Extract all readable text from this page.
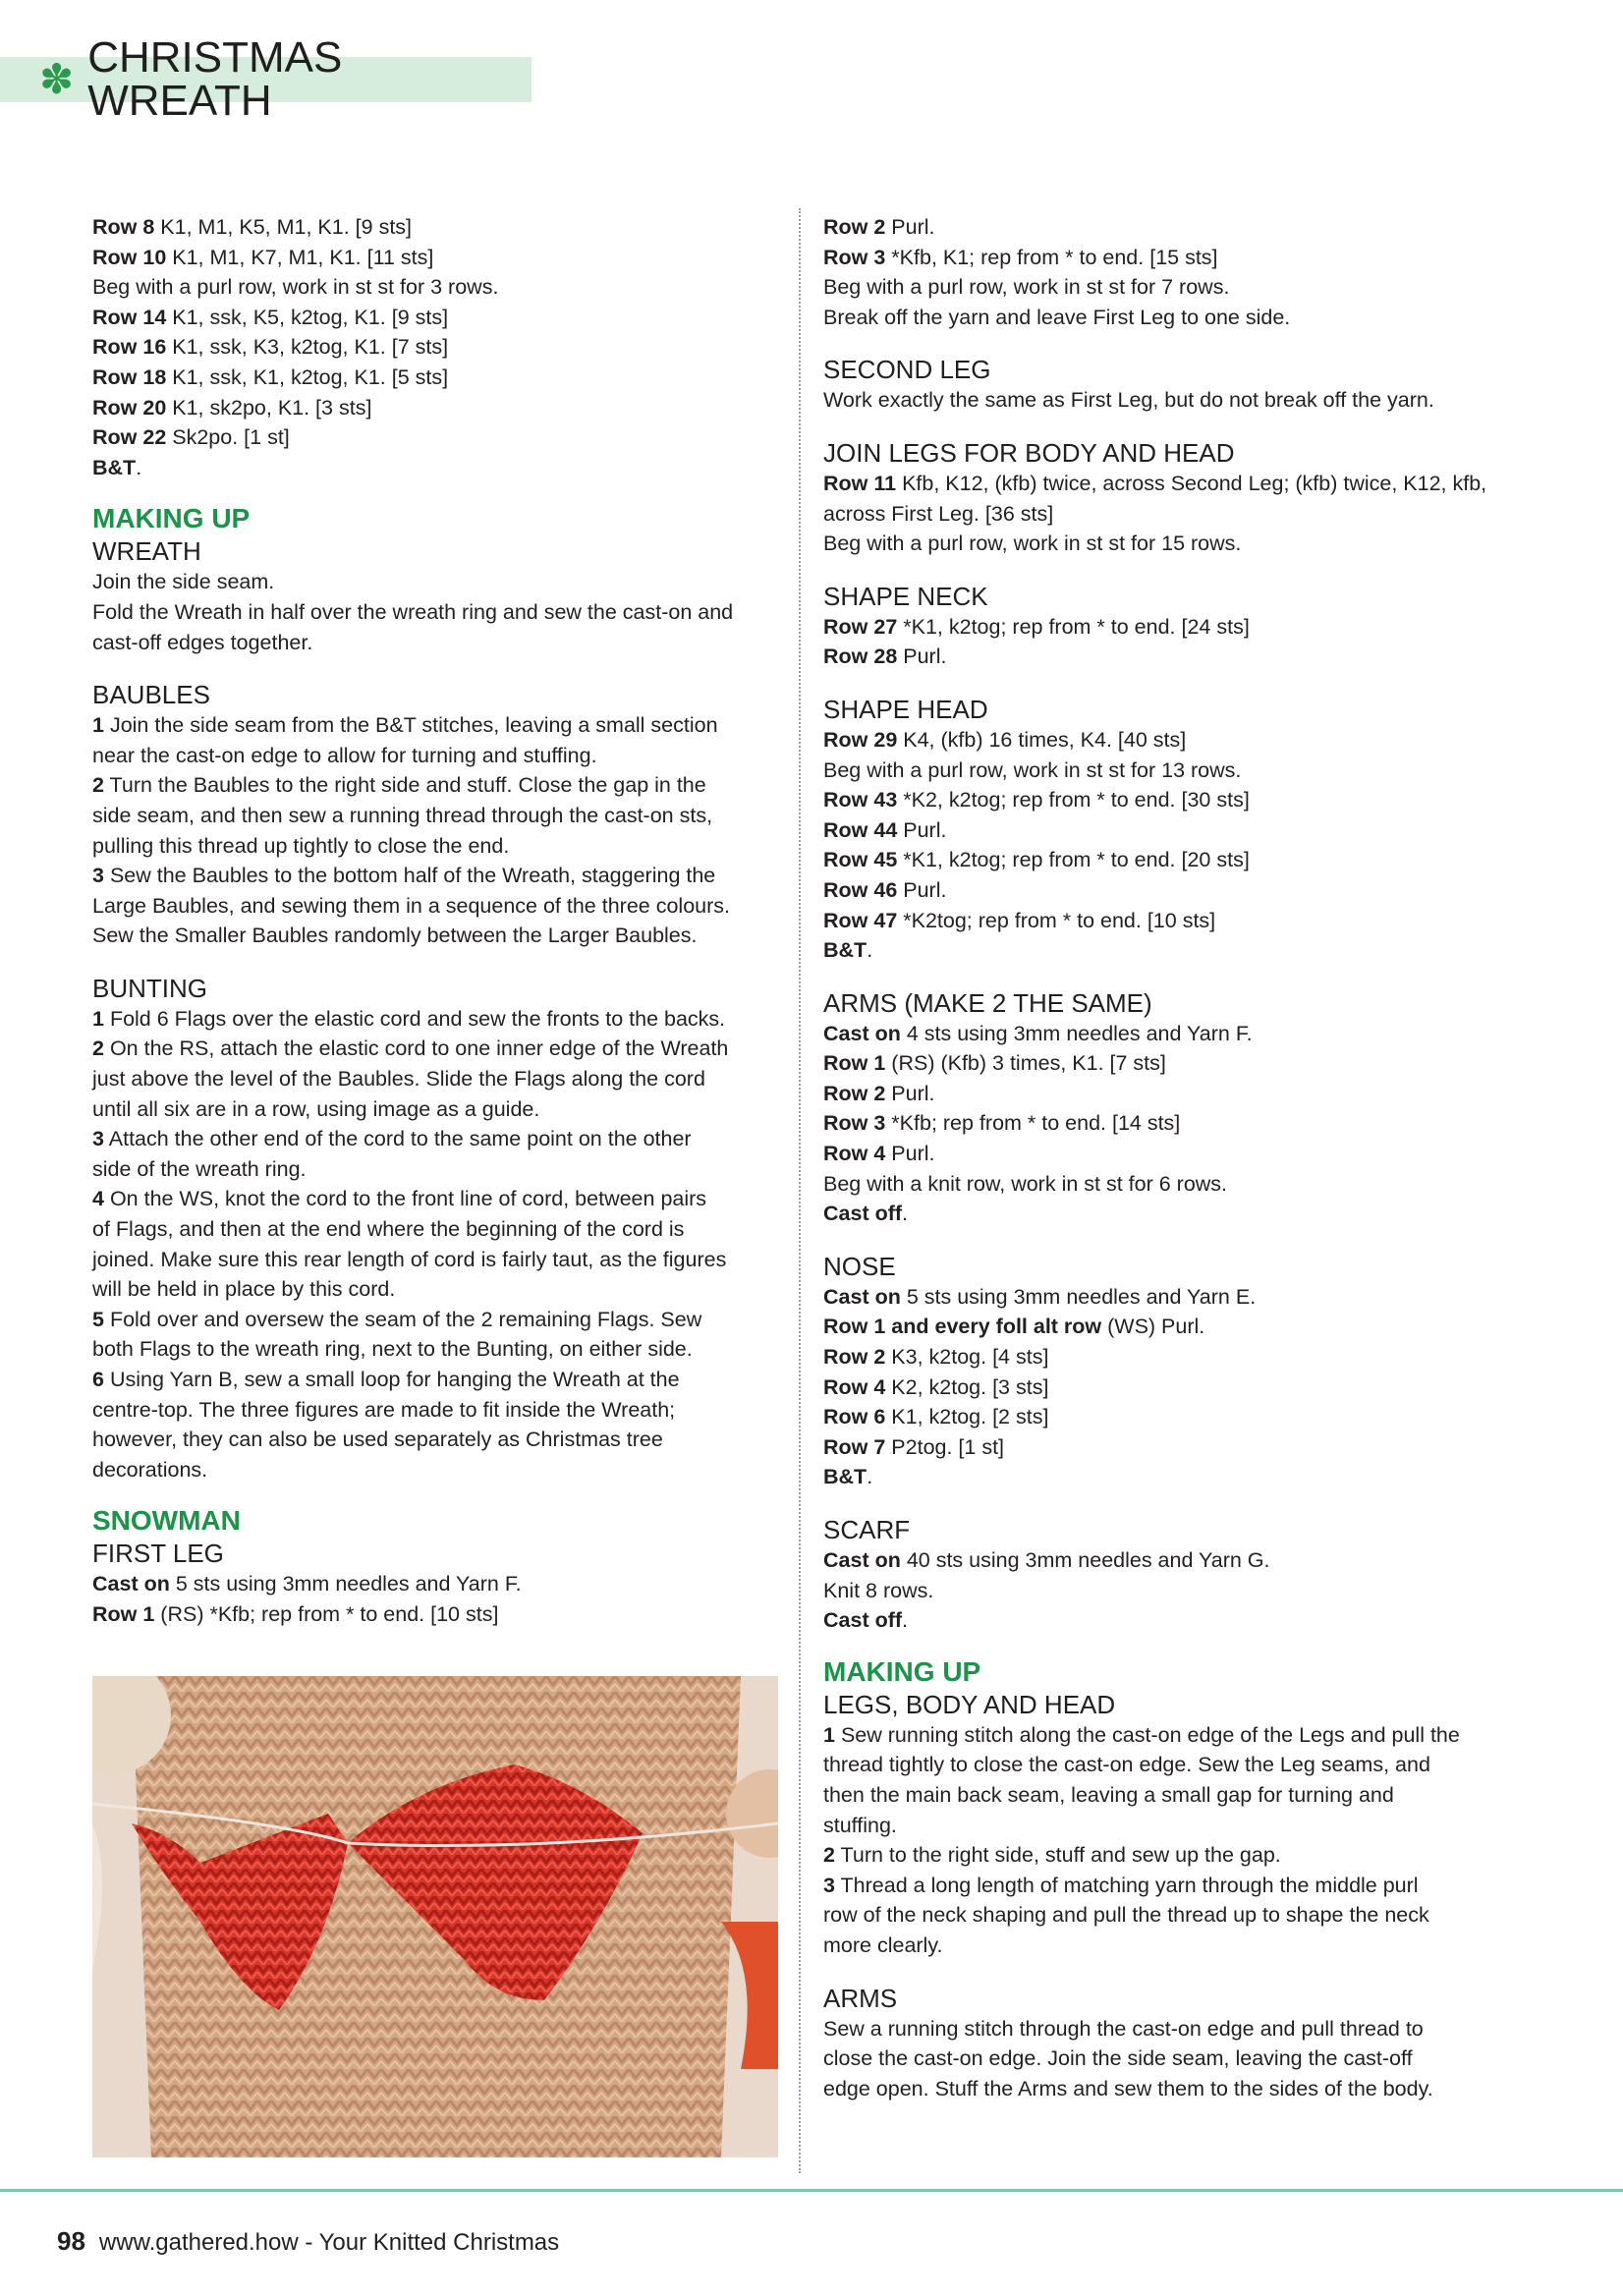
✽ CHRISTMAS WREATH

Row 8 K1, M1, K5, M1, K1. [9 sts]

Row 10 K1, M1, K7, M1, K1. [11 sts]

Beg with a purl row, work in st st for 3 rows.

Row 14 K1, ssk, K5, k2tog, K1. [9 sts]

Row 16 K1, ssk, K3, k2tog, K1. [7 sts]

Row 18 K1, ssk, K1, k2tog, K1. [5 sts]

Row 20 K1, sk2po, K1. [3 sts]

Row 22 Sk2po. [1 st]

B&T.

MAKING UP
WREATH

Join the side seam.

Fold the Wreath in half over the wreath ring and sew the cast-on and

cast-off edges together.

BAUBLES

1 Join the side seam from the B&T stitches, leaving a small section

near the cast-on edge to allow for turning and stuffing.

2 Turn the Baubles to the right side and stuff. Close the gap in the

side seam, and then sew a running thread through the cast-on sts,

pulling this thread up tightly to close the end.

3 Sew the Baubles to the bottom half of the Wreath, staggering the

Large Baubles, and sewing them in a sequence of the three colours.

Sew the Smaller Baubles randomly between the Larger Baubles.

BUNTING

1 Fold 6 Flags over the elastic cord and sew the fronts to the backs.

2 On the RS, attach the elastic cord to one inner edge of the Wreath

just above the level of the Baubles. Slide the Flags along the cord

until all six are in a row, using image as a guide.

3 Attach the other end of the cord to the same point on the other

side of the wreath ring.

4 On the WS, knot the cord to the front line of cord, between pairs

of Flags, and then at the end where the beginning of the cord is

joined. Make sure this rear length of cord is fairly taut, as the figures

will be held in place by this cord.

5 Fold over and oversew the seam of the 2 remaining Flags. Sew

both Flags to the wreath ring, next to the Bunting, on either side.

6 Using Yarn B, sew a small loop for hanging the Wreath at the

centre-top. The three figures are made to fit inside the Wreath;

however, they can also be used separately as Christmas tree

decorations.

SNOWMAN
FIRST LEG

Cast on 5 sts using 3mm needles and Yarn F.

Row 1 (RS) *Kfb; rep from * to end. [10 sts]

Row 2 Purl.

Row 3 *Kfb, K1; rep from * to end. [15 sts]

Beg with a purl row, work in st st for 7 rows.

Break off the yarn and leave First Leg to one side.

SECOND LEG

Work exactly the same as First Leg, but do not break off the yarn.

JOIN LEGS FOR BODY AND HEAD

Row 11 Kfb, K12, (kfb) twice, across Second Leg; (kfb) twice, K12, kfb,

across First Leg. [36 sts]

Beg with a purl row, work in st st for 15 rows.

SHAPE NECK

Row 27 *K1, k2tog; rep from * to end. [24 sts]

Row 28 Purl.

SHAPE HEAD

Row 29 K4, (kfb) 16 times, K4. [40 sts]

Beg with a purl row, work in st st for 13 rows.

Row 43 *K2, k2tog; rep from * to end. [30 sts]

Row 44 Purl.

Row 45 *K1, k2tog; rep from * to end. [20 sts]

Row 46 Purl.

Row 47 *K2tog; rep from * to end. [10 sts]

B&T.

ARMS (MAKE 2 THE SAME)

Cast on 4 sts using 3mm needles and Yarn F.

Row 1 (RS) (Kfb) 3 times, K1. [7 sts]

Row 2 Purl.

Row 3 *Kfb; rep from * to end. [14 sts]

Row 4 Purl.

Beg with a knit row, work in st st for 6 rows.

Cast off.

NOSE

Cast on 5 sts using 3mm needles and Yarn E.

Row 1 and every foll alt row (WS) Purl.

Row 2 K3, k2tog. [4 sts]

Row 4 K2, k2tog. [3 sts]

Row 6 K1, k2tog. [2 sts]

Row 7 P2tog. [1 st]

B&T.

SCARF

Cast on 40 sts using 3mm needles and Yarn G.

Knit 8 rows.

Cast off.

MAKING UP
LEGS, BODY AND HEAD

1 Sew running stitch along the cast-on edge of the Legs and pull the

thread tightly to close the cast-on edge. Sew the Leg seams, and

then the main back seam, leaving a small gap for turning and

stuffing.

2 Turn to the right side, stuff and sew up the gap.

3 Thread a long length of matching yarn through the middle purl

row of the neck shaping and pull the thread up to shape the neck

more clearly.

ARMS

Sew a running stitch through the cast-on edge and pull thread to

close the cast-on edge. Join the side seam, leaving the cast-off

edge open. Stuff the Arms and sew them to the sides of the body.

98 www.gathered.how - Your Knitted Christmas
